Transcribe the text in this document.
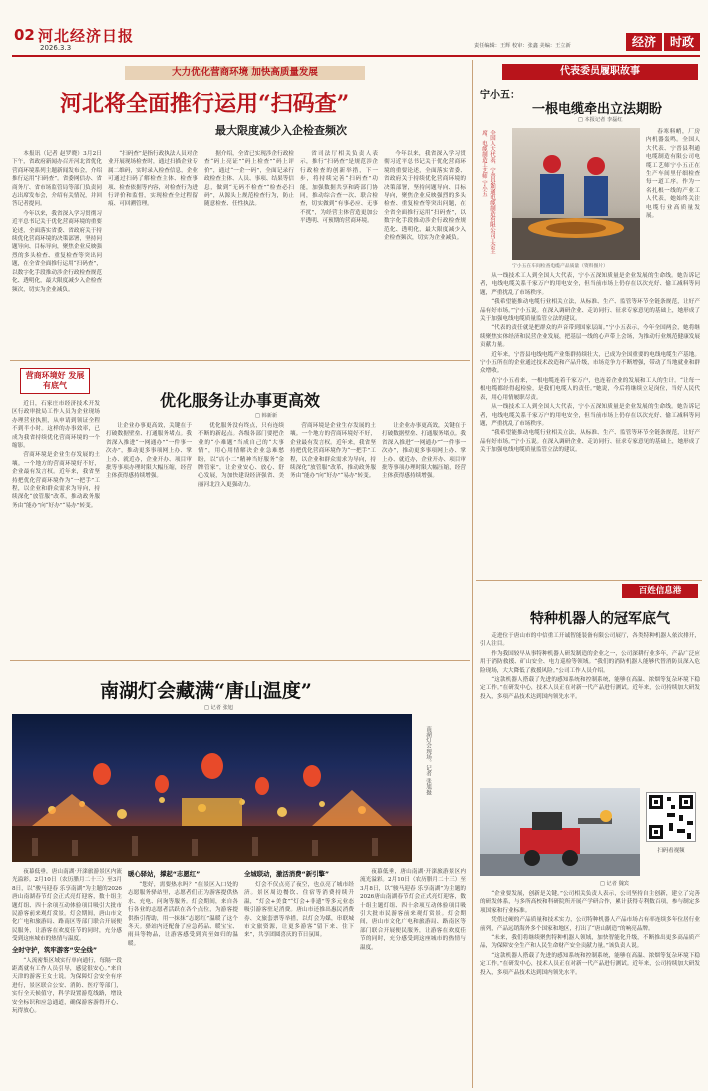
02 河北经济日报
2026.3.3	责任编辑：王辉 校审：张鑫 美编：王立新	经济	时政
大力优化营商环境 加快高质量发展
河北将全面推行运用“扫码查”
最大限度减少入企检查频次

本报讯（记者 赵罗晓）3月2日下午，省政府新闻办召开河北省优化营商环境系列主题新闻发布会，介绍推行运用“扫码查”。省委网信办、省商务厅、省市场监管局等部门负责同志出席发布会，介绍有关情况，并回答记者提问。

今年以来，我省深入学习贯彻习近平总书记关于优化营商环境的重要论述，全面落实省委、省政府关于持续优化营商环境的决策部署，坚持问题导向、目标导向，聚焦企业反映强烈的多头检查、重复检查等突出问题，在全省全面推行运用“扫码查”，以数字化手段推动涉企行政检查规范化、透明化，最大限度减少入企检查频次，切实为企业减负。

“扫码查”是指行政执法人员对企业开展现场检查时，通过扫描企业专属二维码，实时录入检查信息，企业可通过扫码了解检查主体、检查事项、检查依据等内容，对检查行为进行评价和监督，实现检查全过程留痕、可回溯管理。

据介绍，全省已实现涉企行政检查“码上亮证”“码上检查”“码上评价”，通过“一企一码”，全面记录行政检查主体、人员、事项、结果等信息，做到“无码不检查”“检查必扫码”，从源头上规范检查行为，防止随意检查、任性执法。

省司法厅相关负责人表示，推行“扫码查”是规范涉企行政检查的创新举措，下一步，将持续完善“扫码查”功能，加强数据共享和跨部门协同，推动综合查一次、联合检查，切实做到“有事必应、无事不扰”，为经营主体营造更加公平透明、可预期的营商环境。

今年以来，我省深入学习贯彻习近平总书记关于优化营商环境的重要论述，全面落实省委、省政府关于持续优化营商环境的决策部署，坚持问题导向、目标导向，聚焦企业反映强烈的多头检查、重复检查等突出问题，在全省全面推行运用“扫码查”，以数字化手段推动涉企行政检查规范化、透明化，最大限度减少入企检查频次，切实为企业减负。

营商环境好 发展有底气
优化服务让办事更高效
□ 韩新新

近日，石家庄市经济技术开发区行政审批局工作人员为企业现场办理营业执照，从申请到领证全程不到半小时。这样的办事效率，已成为我省持续优化营商环境的一个缩影。

营商环境是企业生存发展的土壤。一个地方的营商环境好不好，企业最有发言权。近年来，我省坚持把优化营商环境作为“一把手”工程，以企业和群众需求为导向，持续深化“放管服”改革，推动政务服务由“能办”向“好办”“易办”转变。

让企业办事更高效，关键在于打破数据壁垒、打通服务堵点。我省深入推进“一网通办”“一件事一次办”，推动更多事项网上办、掌上办、就近办，企业开办、项目审批等事项办理时限大幅压缩，经营主体获得感持续增强。

优化服务没有终点，只有连续不断的新起点。各级各部门要把企业的“小难题”当成自己的“大事情”，用心用情解决企业急难愁盼，以“店小二”精神当好服务“金牌管家”，让企业安心、放心、舒心发展，为加快建设经济强省、美丽河北注入更强动力。

营商环境是企业生存发展的土壤。一个地方的营商环境好不好，企业最有发言权。近年来，我省坚持把优化营商环境作为“一把手”工程，以企业和群众需求为导向，持续深化“放管服”改革，推动政务服务由“能办”向“好办”“易办”转变。

让企业办事更高效，关键在于打破数据壁垒、打通服务堵点。我省深入推进“一网通办”“一件事一次办”，推动更多事项网上办、掌上办、就近办，企业开办、项目审批等事项办理时限大幅压缩，经营主体获得感持续增强。

南湖灯会藏满“唐山温度”
□ 记者 张旭
南湖灯会现场。记者 张旭摄

夜幕低垂，唐山南湖·开滦旅游景区内流光溢彩。2月10日（农历腊月二十三）至3月8日，以“骏马迎春 乐享南湖”为主题的2026唐山南湖春节灯会正式亮灯迎客，数十组主题灯组、四十余项互动体验项目吸引大批市民游客前来观灯赏景。灯会期间，唐山市文化广电和旅游局、路南区等部门联合开展便民服务，让游客在欢度佳节的同时，充分感受到这座城市的热情与温度。

全时守护，筑牢游客“安全线”

“人流密集区域实行单向通行，每隔一段距离就有工作人员引导，感觉很安心。”来自天津的游客王女士说。为保障灯会安全有序进行，景区联合公安、消防、医疗等部门，实行全天候值守，科学设置游览线路，增设安全标识和应急通道，确保游客游得开心、玩得放心。

暖心驿站，撑起“志愿红”

“您好，需要热水吗？”在景区入口处的志愿服务驿站里，志愿者们正为游客提供热水、充电、问询等服务。灯会期间，来自各行各业的志愿者活跃在各个点位，为游客提供指引帮助，用一抹抹“志愿红”温暖了这个冬天。驿站内还配备了应急药品、暖宝宝、雨具等物品，让游客感受到宾至如归的温暖。

全城联动，激活消费“新引擎”

灯会不仅点亮了夜空，也点亮了城市经济。景区周边餐饮、住宿等消费持续升温，“灯会+美食”“灯会+非遗”等多元业态吸引游客驻足消费。唐山市还推出惠民消费券、文旅套票等举措，以灯会为媒，串联城市文旅资源，让更多游客“留下来、住下来”，共享团圆喜庆的节日氛围。

夜幕低垂，唐山南湖·开滦旅游景区内流光溢彩。2月10日（农历腊月二十三）至3月8日，以“骏马迎春 乐享南湖”为主题的2026唐山南湖春节灯会正式亮灯迎客，数十组主题灯组、四十余项互动体验项目吸引大批市民游客前来观灯赏景。灯会期间，唐山市文化广电和旅游局、路南区等部门联合开展便民服务，让游客在欢度佳节的同时，充分感受到这座城市的热情与温度。

代表委员履职故事
宁小五：
一根电缆牵出立法期盼
□ 本报记者 李磊红
全国人大代表、宁晋县利通电缆制造有限公司工会主席、电缆制造工艺师 宁小五
宁小五在车间检查电缆产品质量（资料图片）

春寒料峭，厂房内机器轰鸣。全国人大代表、宁晋县利通电缆制造有限公司电缆工艺师宁小五正在生产车间里仔细检查每一道工序。作为一名扎根一线的产业工人代表，她始终关注电缆行业高质量发展。

从一线技术工人到全国人大代表，宁小五深知质量是企业发展的生命线。她告诉记者，电线电缆关系千家万户的用电安全，但当前市场上仍存在以次充好、偷工减料等问题，严重扰乱了市场秩序。

“我希望能推动电缆行业相关立法，从标准、生产、监管等环节全链条规范，让好产品有好市场。”宁小五说。在深入调研企业、走访同行、征求专家意见的基础上，她形成了关于加强电线电缆质量监管立法的建议。

“代表的责任就是把群众的声音带到国家层面。”宁小五表示，今年全国两会，她将继续聚焦实体经济和民营企业发展，把基层一线的心声带上会场，为推动行业规范健康发展贡献力量。

近年来，宁晋县电线电缆产业集群持续壮大，已成为全国重要的电线电缆生产基地。宁小五所在的企业通过技术改造和产品升级，市场竞争力不断增强，带动了当地就业和群众增收。

在宁小五看来，一根电缆连着千家万户，也连着企业的发展和工人的生计。“让每一根电缆都经得起检验，是我们电缆人的责任。”她说，今后将继续立足岗位，当好人民代表，用心用情履职尽责。

从一线技术工人到全国人大代表，宁小五深知质量是企业发展的生命线。她告诉记者，电线电缆关系千家万户的用电安全，但当前市场上仍存在以次充好、偷工减料等问题，严重扰乱了市场秩序。

“我希望能推动电缆行业相关立法，从标准、生产、监管等环节全链条规范，让好产品有好市场。”宁小五说。在深入调研企业、走访同行、征求专家意见的基础上，她形成了关于加强电线电缆质量监管立法的建议。

百姓信息港
特种机器人的冠军底气

走进位于唐山市的中信重工开诚智能装备有限公司展厅，各类特种机器人依次排开，引人注目。

作为我国较早从事特种机器人研发制造的企业之一，公司深耕行业多年，产品广泛应用于消防救援、矿山安全、电力巡检等领域。“我们的消防机器人能够代替消防员深入危险现场，大大降低了救援风险。”公司工作人员介绍。

“这款机器人搭载了先进的感知系统和控制系统，能够在高温、浓烟等复杂环境下稳定工作。”在研发中心，技术人员正在对新一代产品进行测试。近年来，公司持续加大研发投入，多项产品技术达到国内领先水平。

扫码看视频
□ 记者 魏宾

“企业要发展，创新是关键。”公司相关负责人表示，公司坚持自主创新，建立了完善的研发体系，与多所高校和科研院所开展产学研合作，累计获得专利数百项，参与制定多项国家和行业标准。

凭借过硬的产品质量和技术实力，公司特种机器人产品市场占有率连续多年位居行业前列，产品远销海外多个国家和地区，打出了“唐山制造”的响亮品牌。

“未来，我们将继续聚焦特种机器人领域，加快智能化升级，不断推出更多高品质产品，为保障安全生产和人民生命财产安全贡献力量。”该负责人说。

“这款机器人搭载了先进的感知系统和控制系统，能够在高温、浓烟等复杂环境下稳定工作。”在研发中心，技术人员正在对新一代产品进行测试。近年来，公司持续加大研发投入，多项产品技术达到国内领先水平。
